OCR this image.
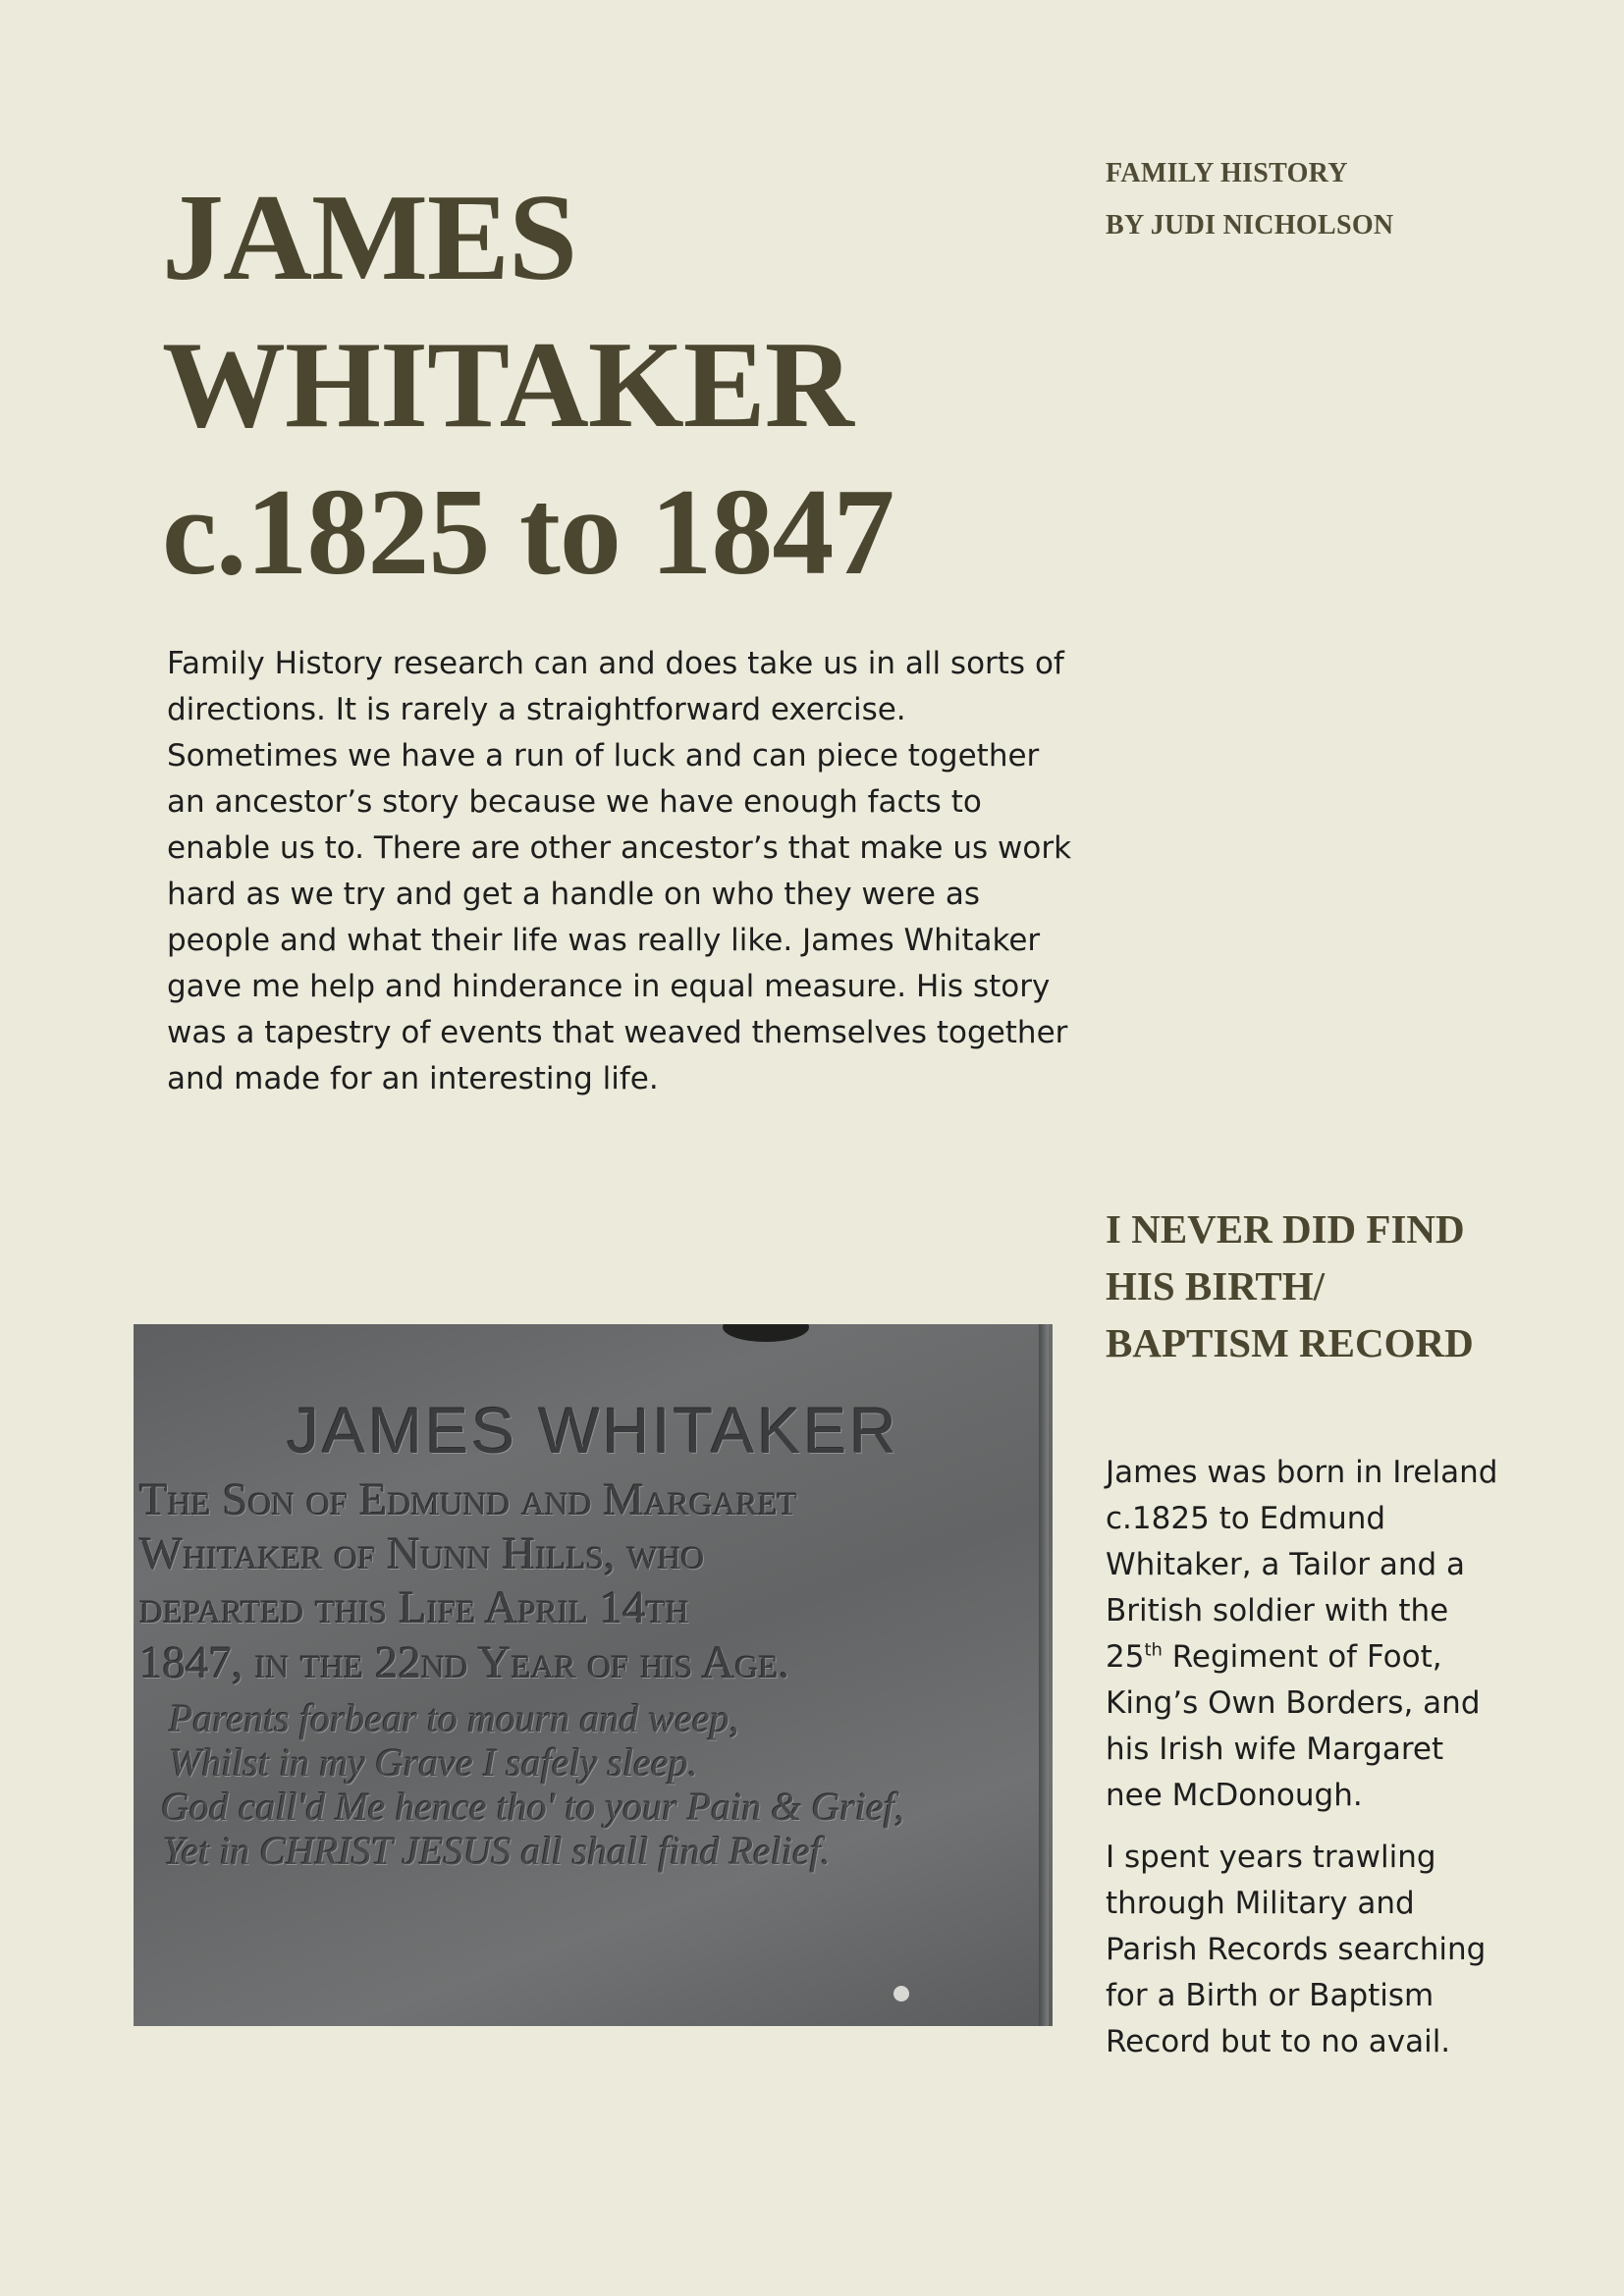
FAMILY HISTORY
BY JUDI NICHOLSON
JAMES
WHITAKER
c.1825 to 1847

Family History research can and does take us in all sorts of directions. It is rarely a straightforward exercise. Sometimes we have a run of luck and can piece together an ancestor’s story because we have enough facts to enable us to. There are other ancestor’s that make us work hard as we try and get a handle on who they were as people and what their life was really like. James Whitaker gave me help and hinderance in equal measure. His story was a tapestry of events that weaved themselves together and made for an interesting life.

JAMES WHITAKER
The Son of Edmund and Margaret
Whitaker of Nunn Hills, who
departed this Life April 14th
1847, in the 22nd Year of his Age.
Parents forbear to mourn and weep,
Whilst in my Grave I safely sleep.
God call'd Me hence tho' to your Pain & Grief,
Yet in CHRIST JESUS all shall find Relief.
I NEVER DID FIND HIS BIRTH/ BAPTISM RECORD

James was born in Ireland c.1825 to Edmund Whitaker, a Tailor and a British soldier with the 25th Regiment of Foot, King’s Own Borders, and his Irish wife Margaret nee McDonough.

I spent years trawling through Military and Parish Records searching for a Birth or Baptism Record but to no avail.
